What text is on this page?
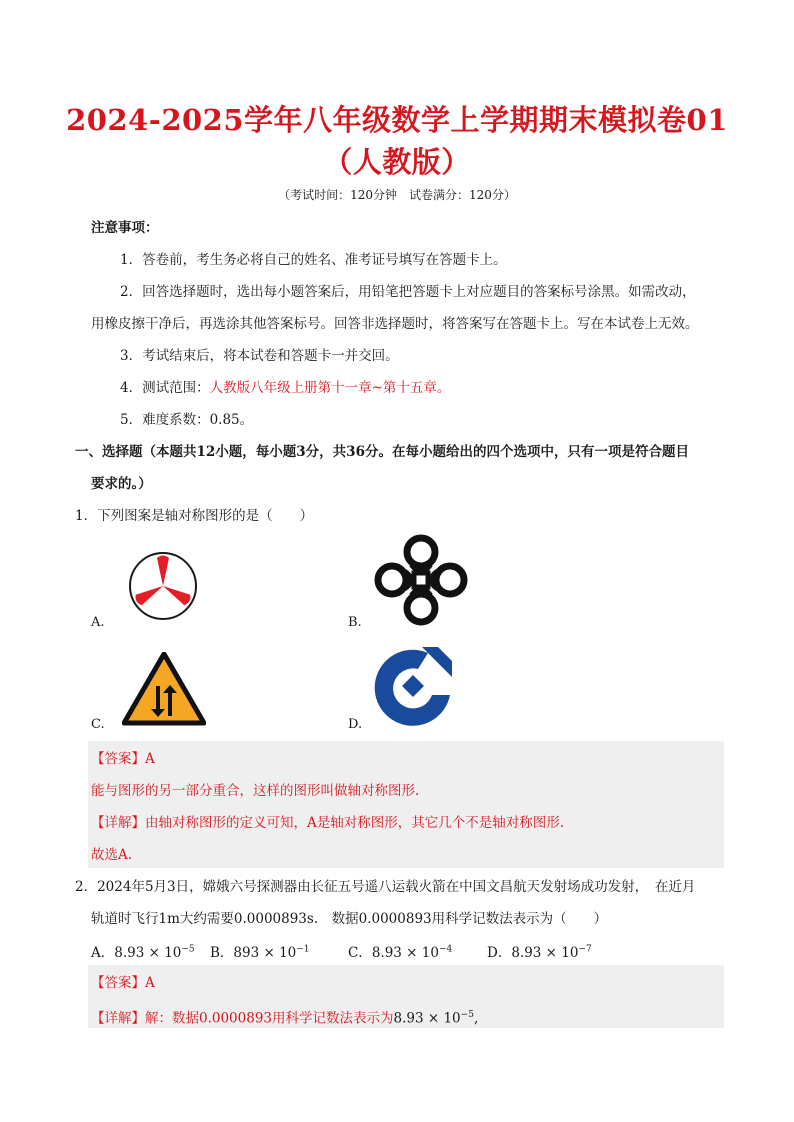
2024-2025学年八年级数学上学期期末模拟卷01
（人教版）
（考试时间：120分钟　试卷满分：120分）
注意事项：
1．答卷前，考生务必将自己的姓名、准考证号填写在答题卡上。
2．回答选择题时，选出每小题答案后，用铅笔把答题卡上对应题目的答案标号涂黑。如需改动，
用橡皮擦干净后，再选涂其他答案标号。回答非选择题时，将答案写在答题卡上。写在本试卷上无效。
3．考试结束后，将本试卷和答题卡一并交回。
4．测试范围：人教版八年级上册第十一章~第十五章。
5．难度系数：0.85。
一、选择题（本题共12小题，每小题3分，共36分。在每小题给出的四个选项中，只有一项是符合题目
要求的。）
1．下列图案是轴对称图形的是（　　）
A.	B.
C.	D.
【答案】A
能与图形的另一部分重合，这样的图形叫做轴对称图形.
【详解】由轴对称图形的定义可知，A是轴对称图形，其它几个不是轴对称图形.
故选A.
2．2024年5月3日，嫦娥六号探测器由长征五号遥八运载火箭在中国文昌航天发射场成功发射，　在近月
轨道时飞行1m大约需要0.0000893s.　数据0.0000893用科学记数法表示为（　　）
A．$8.93 \times 10^{-5}$ B．$893 \times 10^{-1}$	C．$8.93 \times 10^{-4}$	D．$8.93 \times 10^{-7}$
【答案】A
【详解】解：数据0.0000893用科学记数法表示为$8.93 \times 10^{-5}$,
